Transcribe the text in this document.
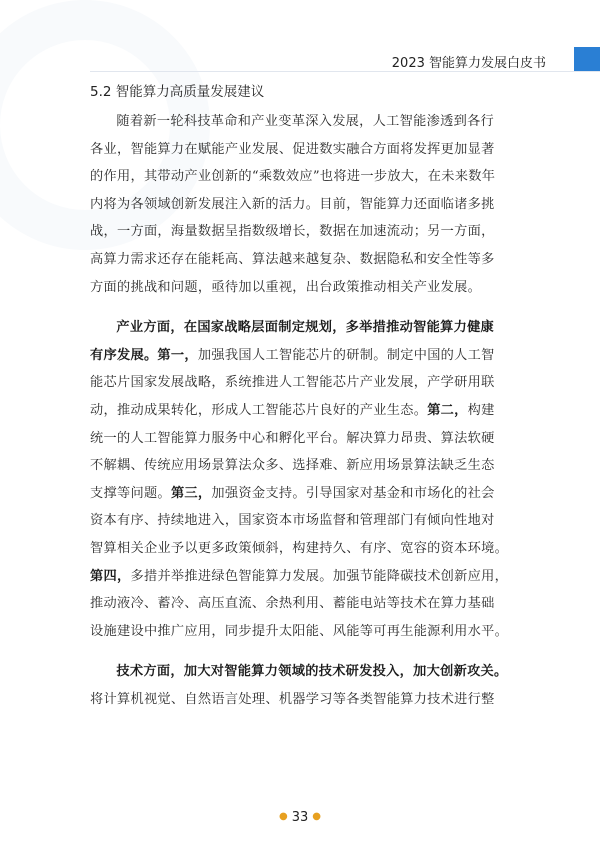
2023 智能算力发展白皮书
5.2 智能算力高质量发展建议

随着新一轮科技革命和产业变革深入发展，人工智能渗透到各行
各业，智能算力在赋能产业发展、促进数实融合方面将发挥更加显著
的作用，其带动产业创新的“乘数效应”也将进一步放大，在未来数年
内将为各领域创新发展注入新的活力。目前，智能算力还面临诸多挑
战，一方面，海量数据呈指数级增长，数据在加速流动；另一方面，
高算力需求还存在能耗高、算法越来越复杂、数据隐私和安全性等多
方面的挑战和问题，亟待加以重视，出台政策推动相关产业发展。

产业方面，在国家战略层面制定规划，多举措推动智能算力健康
有序发展。第一，加强我国人工智能芯片的研制。制定中国的人工智
能芯片国家发展战略，系统推进人工智能芯片产业发展，产学研用联
动，推动成果转化，形成人工智能芯片良好的产业生态。第二，构建
统一的人工智能算力服务中心和孵化平台。解决算力昂贵、算法软硬
不解耦、传统应用场景算法众多、选择难、新应用场景算法缺乏生态
支撑等问题。第三，加强资金支持。引导国家对基金和市场化的社会
资本有序、持续地进入，国家资本市场监督和管理部门有倾向性地对
智算相关企业予以更多政策倾斜，构建持久、有序、宽容的资本环境。
第四，多措并举推进绿色智能算力发展。加强节能降碳技术创新应用，
推动液冷、蓄冷、高压直流、余热利用、蓄能电站等技术在算力基础
设施建设中推广应用，同步提升太阳能、风能等可再生能源利用水平。

技术方面，加大对智能算力领域的技术研发投入，加大创新攻关。
将计算机视觉、自然语言处理、机器学习等各类智能算力技术进行整

● 33 ●
